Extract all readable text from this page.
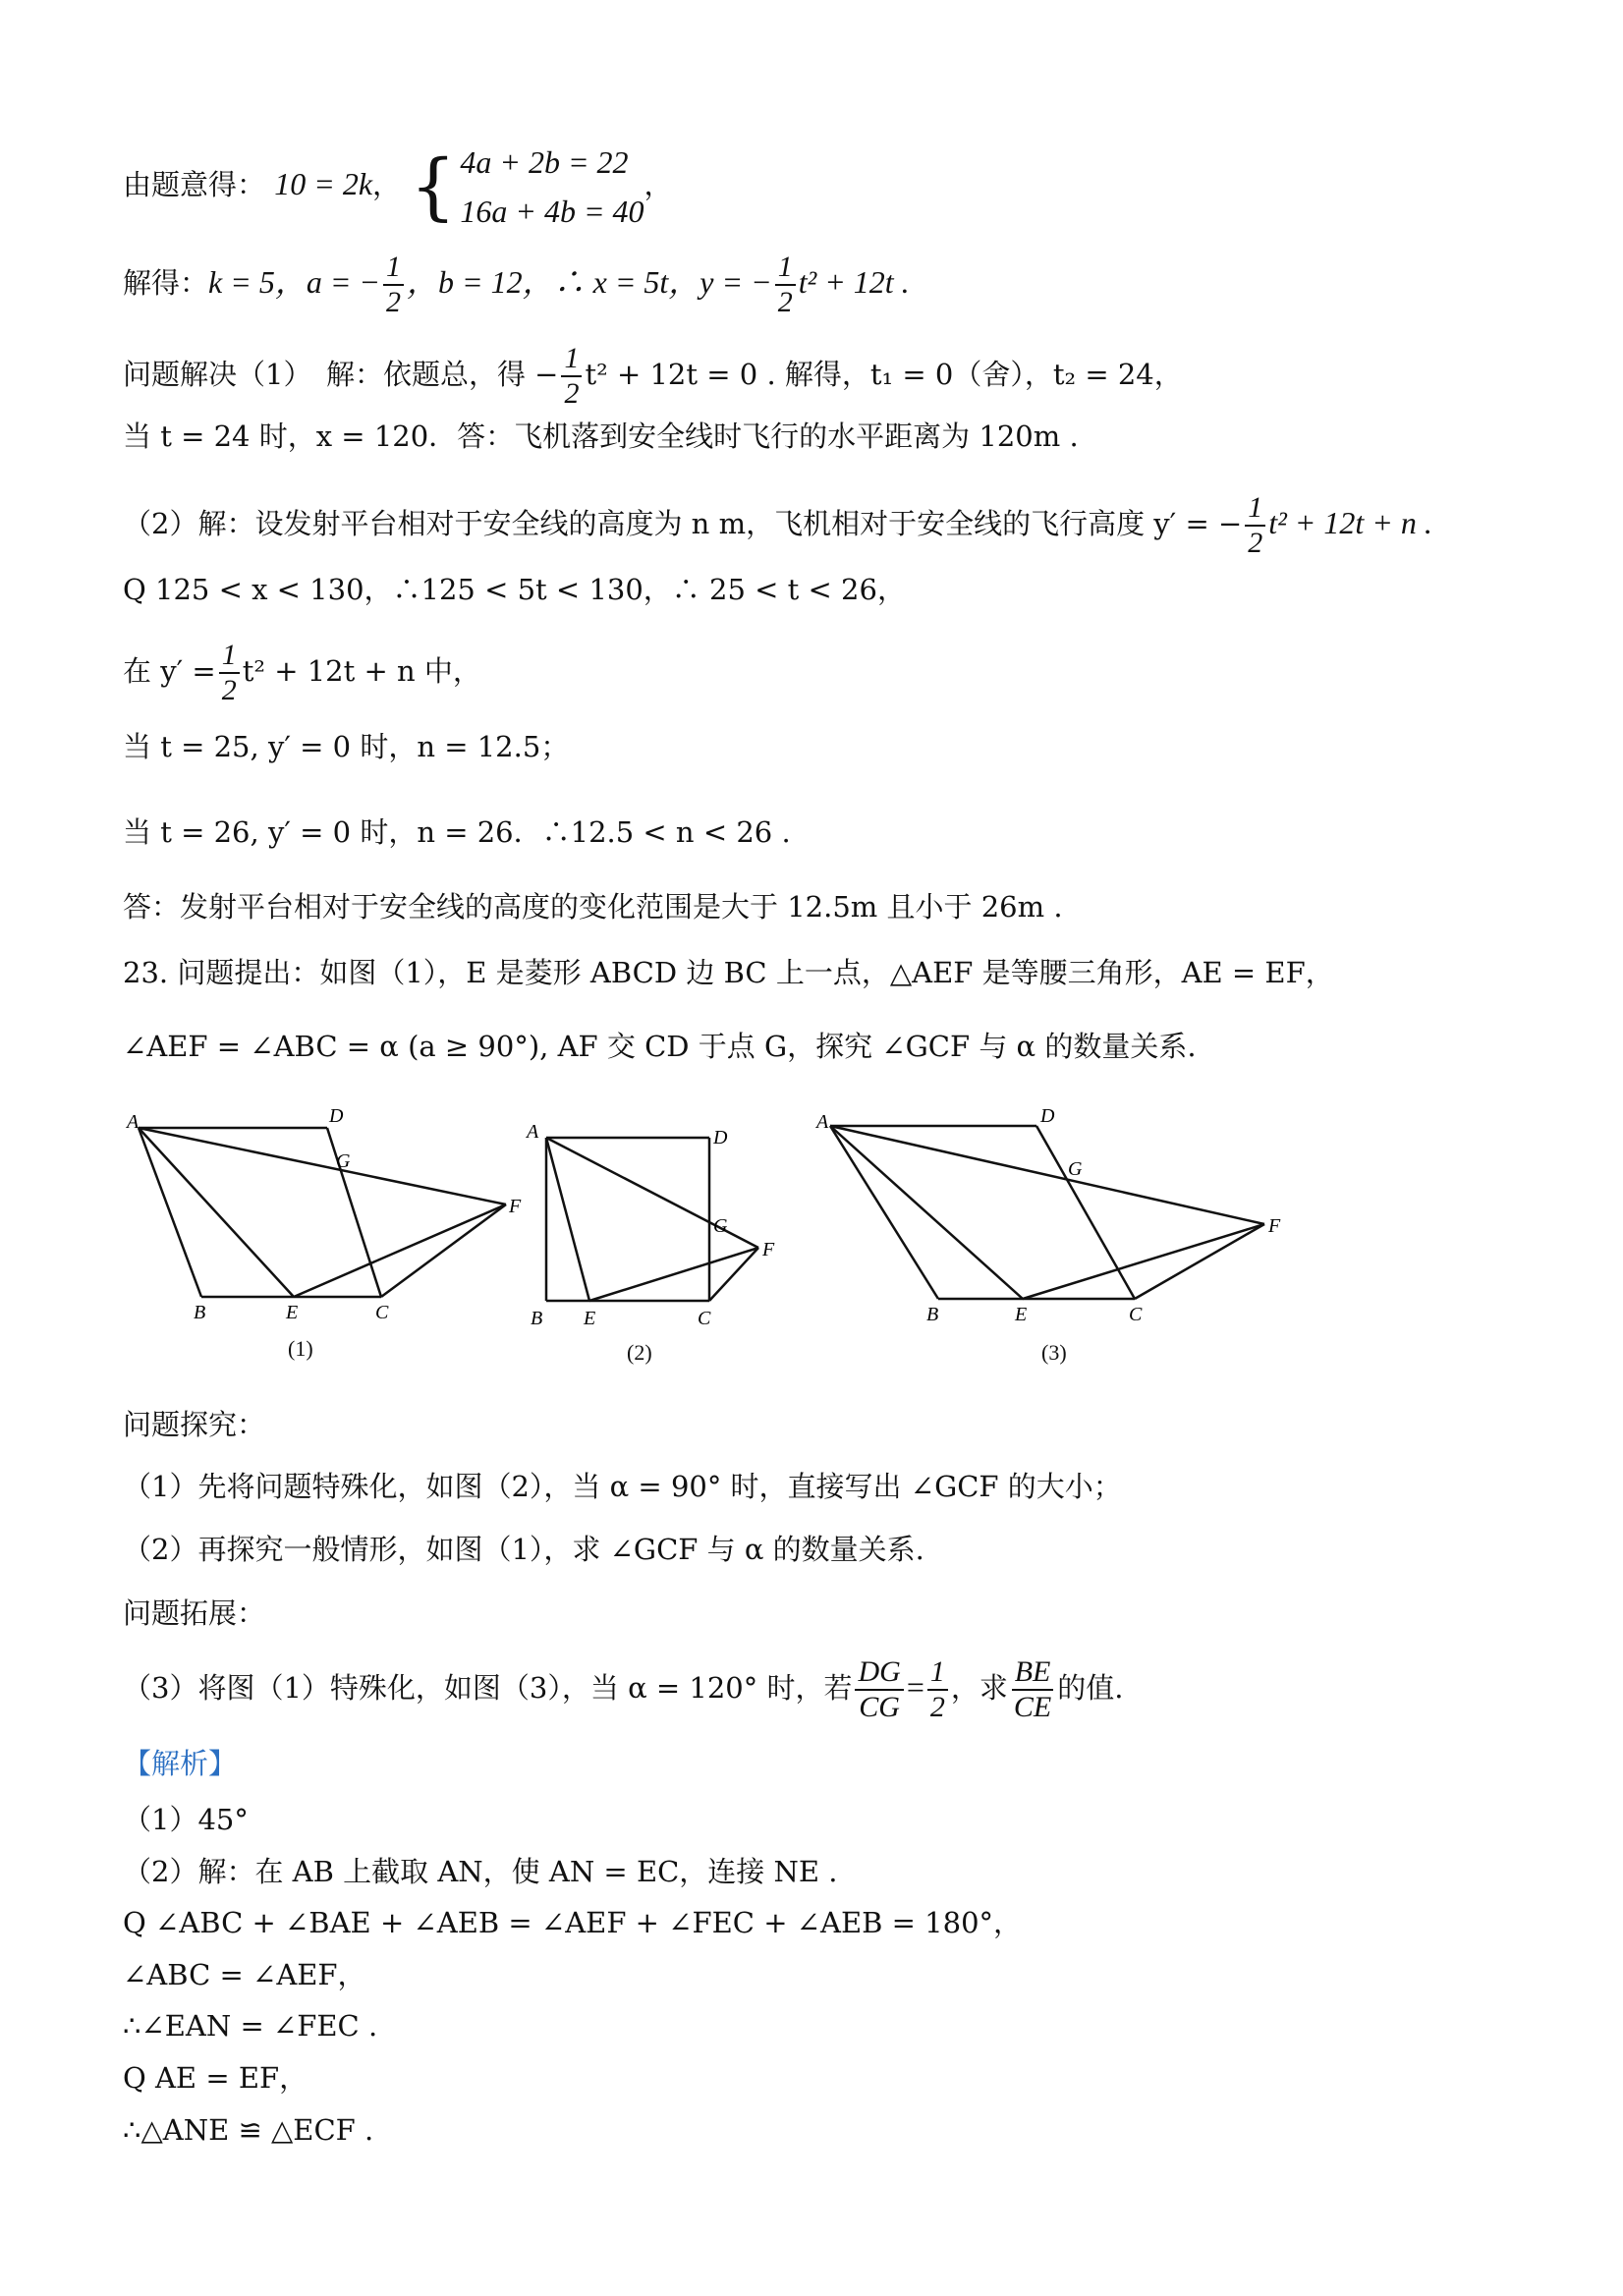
由题意得： 10 = 2k， { 4a + 2b = 22
16a + 4b = 40
，
解得：k = 5，a = − $\frac{1}{2}$ ，b = 12，∴ x = 5t，y = − $\frac{1}{2} t^2 + 12t$ .
问题解决（1）　解：依题总，得 − $\frac{1}{2} t^2 + 12t = 0$ . 解得，t₁ = 0（舍），t₂ = 24，
当 t = 24 时，x = 120．答：飞机落到安全线时飞行的水平距离为 120m .
（2）解：设发射平台相对于安全线的高度为 n m，飞机相对于安全线的飞行高度 y′ = − $\frac{1}{2} t^2 + 12t + n$ .
Q 125 < x < 130，∴125 < 5t < 130，∴ 25 < t < 26，
在 $y' = \frac{1}{2} t^2 + 12t + n$ 中，
当 t = 25, y′ = 0 时，n = 12.5；
当 t = 26, y′ = 0 时，n = 26．∴12.5 < n < 26 .
答：发射平台相对于安全线的高度的变化范围是大于 12.5m 且小于 26m .
23. 问题提出：如图（1），E 是菱形 ABCD 边 BC 上一点，△AEF 是等腰三角形，AE = EF，
∠AEF = ∠ABC = α (a ≥ 90°), AF 交 CD 于点 G，探究 ∠GCF 与 α 的数量关系.
A	D
G
F
B	E	C
(1)
A	D
G
F
B E	C
(2)
A	D
G
F
B	E	C
(3)
问题探究：
（1）先将问题特殊化，如图（2），当 α = 90° 时，直接写出 ∠GCF 的大小；
（2）再探究一般情形，如图（1），求 ∠GCF 与 α 的数量关系.
问题拓展：
（3）将图（1）特殊化，如图（3），当 α = 120° 时，若 $\frac{DG}{CG} = \frac{1}{2}$ ，求 $\frac{BE}{CE}$ 的值.
【解析】
（1）45°
（2）解：在 AB 上截取 AN，使 AN = EC，连接 NE .
Q ∠ABC + ∠BAE + ∠AEB = ∠AEF + ∠FEC + ∠AEB = 180°，
∠ABC = ∠AEF，
∴∠EAN = ∠FEC .
Q AE = EF，
∴△ANE ≌ △ECF .
